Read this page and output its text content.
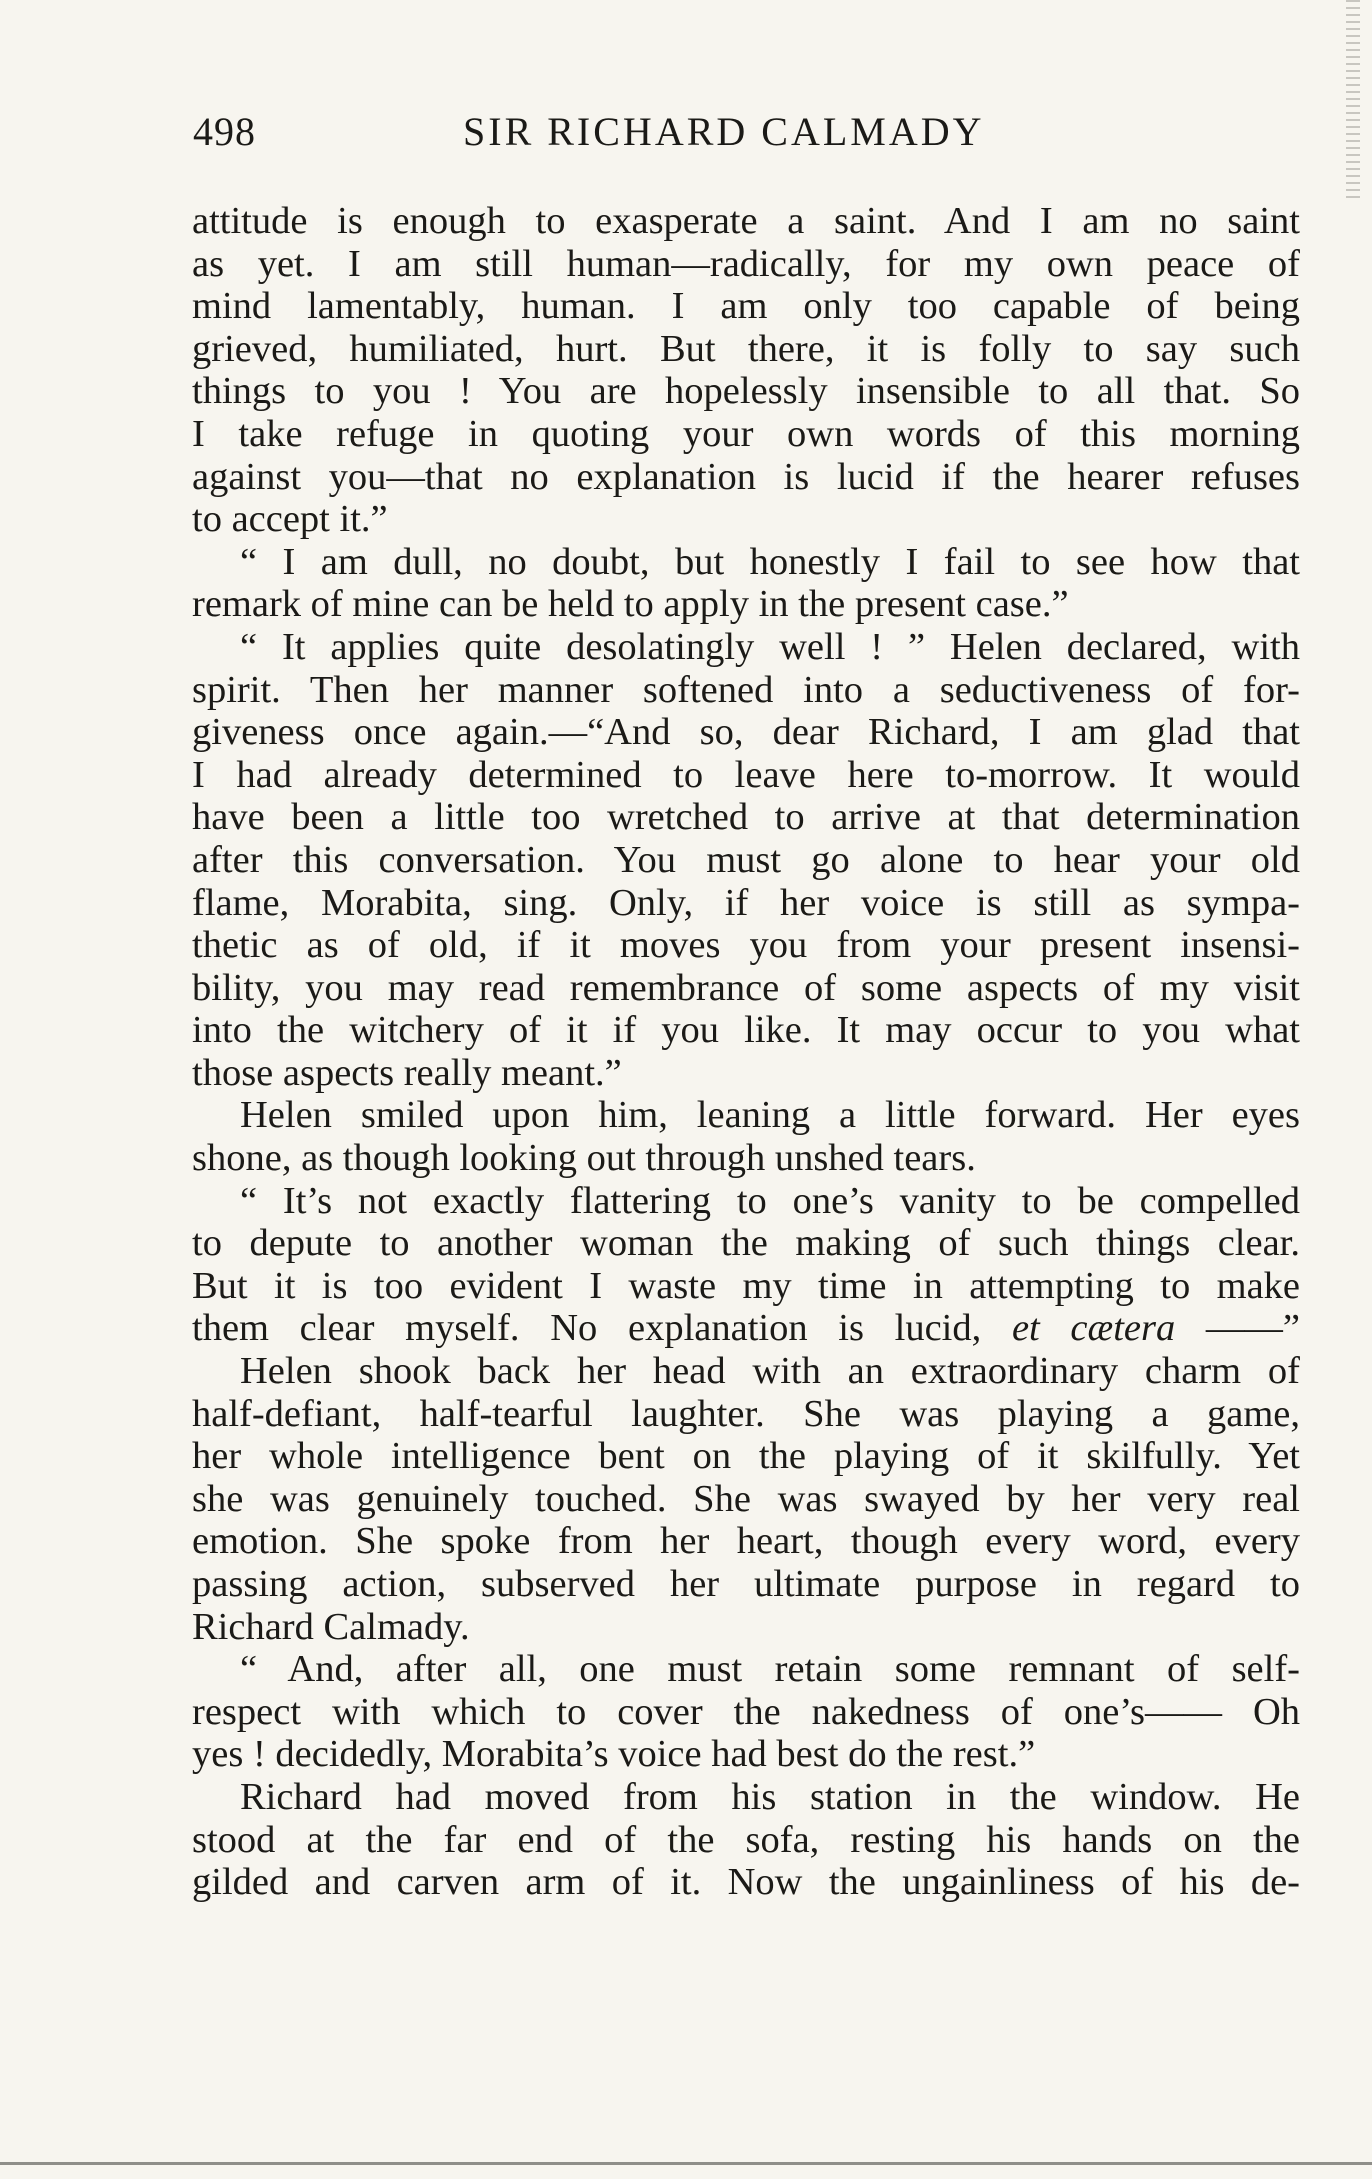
498	SIR RICHARD CALMADY
attitude is enough to exasperate a saint. And I am no saint
as yet. I am still human—radically, for my own peace of
mind lamentably, human. I am only too capable of being
grieved, humiliated, hurt. But there, it is folly to say such
things to you ! You are hopelessly insensible to all that. So
I take refuge in quoting your own words of this morning
against you—that no explanation is lucid if the hearer refuses
to accept it.”
“ I am dull, no doubt, but honestly I fail to see how that
remark of mine can be held to apply in the present case.”
“ It applies quite desolatingly well ! ” Helen declared, with
spirit. Then her manner softened into a seductiveness of for-
giveness once again.—“And so, dear Richard, I am glad that
I had already determined to leave here to-morrow. It would
have been a little too wretched to arrive at that determination
after this conversation. You must go alone to hear your old
flame, Morabita, sing. Only, if her voice is still as sympa-
thetic as of old, if it moves you from your present insensi-
bility, you may read remembrance of some aspects of my visit
into the witchery of it if you like. It may occur to you what
those aspects really meant.”
Helen smiled upon him, leaning a little forward. Her eyes
shone, as though looking out through unshed tears.
“ It’s not exactly flattering to one’s vanity to be compelled
to depute to another woman the making of such things clear.
But it is too evident I waste my time in attempting to make
them clear myself. No explanation is lucid, et cætera ——”
Helen shook back her head with an extraordinary charm of
half-defiant, half-tearful laughter. She was playing a game,
her whole intelligence bent on the playing of it skilfully. Yet
she was genuinely touched. She was swayed by her very real
emotion. She spoke from her heart, though every word, every
passing action, subserved her ultimate purpose in regard to
Richard Calmady.
“ And, after all, one must retain some remnant of self-
respect with which to cover the nakedness of one’s—— Oh
yes ! decidedly, Morabita’s voice had best do the rest.”
Richard had moved from his station in the window. He
stood at the far end of the sofa, resting his hands on the
gilded and carven arm of it. Now the ungainliness of his de-
